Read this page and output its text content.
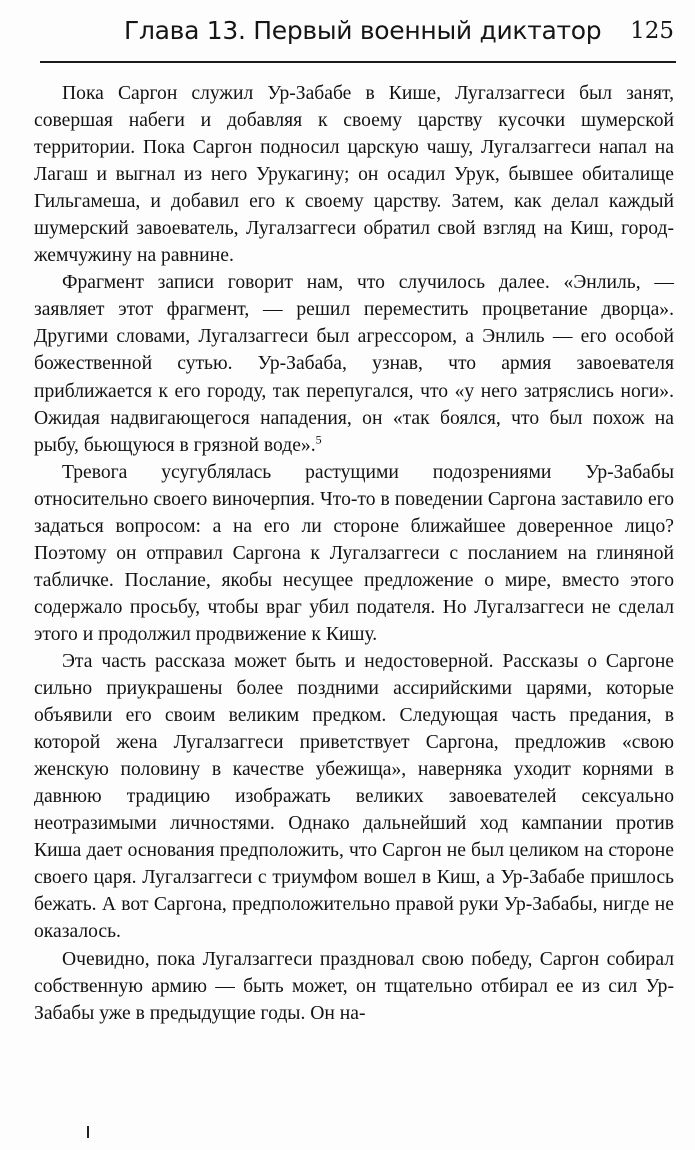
Глава 13. Первый военный диктатор 125

Пока Саргон служил Ур-Забабе в Кише, Лугалзаггеси был занят, совершая набеги и добавляя к своему царству кусочки шумерской территории. Пока Саргон подносил царскую чашу, Лугалзаггеси напал на Лагаш и выгнал из него Урукагину; он осадил Урук, бывшее обиталище Гильгамеша, и добавил его к своему царству. Затем, как делал каждый шумерский завоеватель, Лугалзаггеси обратил свой взгляд на Киш, город-жемчужину на равнине.

Фрагмент записи говорит нам, что случилось далее. «Энлиль, — заявляет этот фрагмент, — решил переместить процветание дворца». Другими словами, Лугалзаггеси был агрессором, а Энлиль — его особой божественной сутью. Ур-Забаба, узнав, что армия завоевателя приближается к его городу, так перепугался, что «у него затряслись ноги». Ожидая надвигающегося нападения, он «так боялся, что был похож на рыбу, бьющуюся в грязной воде».$^5$

Тревога усугублялась растущими подозрениями Ур-Забабы относительно своего виночерпия. Что-то в поведении Саргона заставило его задаться вопросом: а на его ли стороне ближайшее доверенное лицо? Поэтому он отправил Саргона к Лугалзаггеси с посланием на глиняной табличке. Послание, якобы несущее предложение о мире, вместо этого содержало просьбу, чтобы враг убил подателя. Но Лугалзаггеси не сделал этого и продолжил продвижение к Кишу.

Эта часть рассказа может быть и недостоверной. Рассказы о Саргоне сильно приукрашены более поздними ассирийскими царями, которые объявили его своим великим предком. Следующая часть предания, в которой жена Лугалзаггеси приветствует Саргона, предложив «свою женскую половину в качестве убежища», наверняка уходит корнями в давнюю традицию изображать великих завоевателей сексуально неотразимыми личностями. Однако дальнейший ход кампании против Киша дает основания предположить, что Саргон не был целиком на стороне своего царя. Лугалзаггеси с триумфом вошел в Киш, а Ур-Забабе пришлось бежать. А вот Саргона, предположительно правой руки Ур-Забабы, нигде не оказалось.

Очевидно, пока Лугалзаггеси праздновал свою победу, Саргон собирал собственную армию — быть может, он тщательно отбирал ее из сил Ур-Забабы уже в предыдущие годы. Он на-
